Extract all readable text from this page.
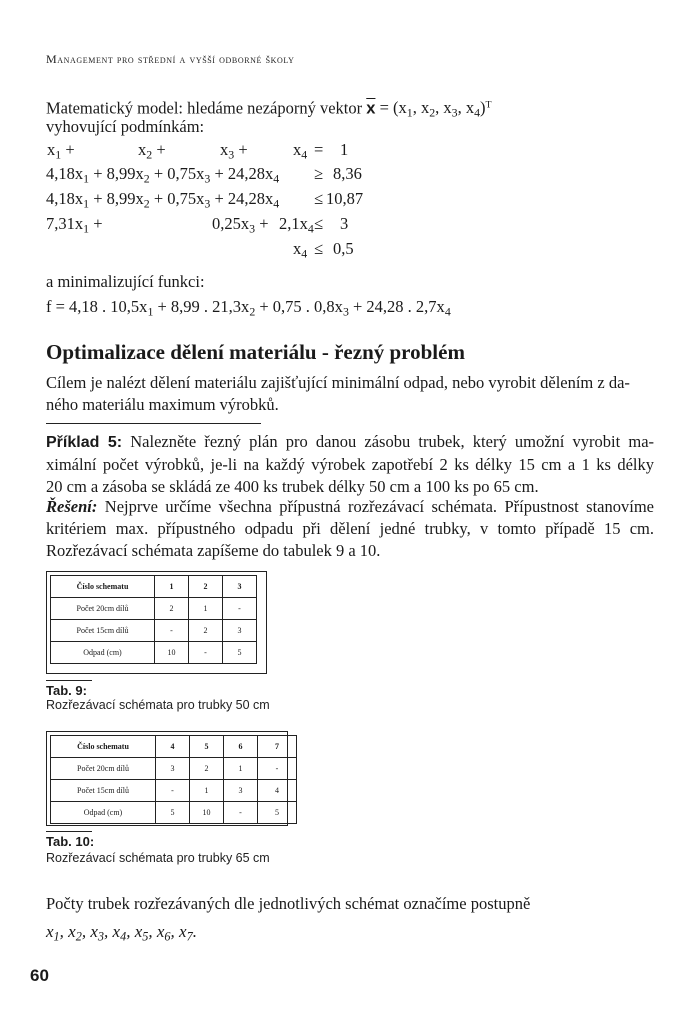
Management pro střední a vyšší odborné školy
Matematický model: hledáme nezáporný vektor $\overline{x} = (x_1$, $x_2$, $x_3$, $x_4)^T$
vyhovující podmínkám:
$x_1$ +	$x_2$ +	$x_3$ +	$x_4 = 1$
$4,18x_1 + 8,99x_2 + 0,75x_3 + 24,28x_4 \ge 8,36$
$4,18x_1 + 8,99x_2 + 0,75x_3 + 24,28x_4 \le 10,87$
$7,31x_1$ +	$0,25x_3 + 2,1x_4 \le 3$
$x_4 \le 0,5$
a minimalizující funkci:
f = 4,18 . $10,5x_1 + 8,99$ . $21,3x_2 + 0,75$ . $0,8x_3 + 24,28$ . $2,7x_4$
Optimalizace dělení materiálu - řezný problém
Cílem je nalézt dělení materiálu zajišťující minimální odpad, nebo vyrobit dělením z da-
ného materiálu maximum výrobků.
Příklad 5: Nalezněte řezný plán pro danou zásobu trubek, který umožní vyrobit ma-
ximální počet výrobků, je-li na každý výrobek zapotřebí 2 ks délky 15 cm a 1 ks délky
20 cm a zásoba se skládá ze 400 ks trubek délky 50 cm a 100 ks po 65 cm.
Řešení: Nejprve určíme všechna přípustná rozřezávací schémata. Přípustnost stanovíme
kritériem max. přípustného odpadu při dělení jedné trubky, v tomto případě 15 cm.
Rozřezávací schémata zapíšeme do tabulek 9 a 10.
Číslo schematu	1	2	3
Počet 20cm dílů	2	1	-
Počet 15cm dílů	-	2	3
Odpad (cm)	10	-	5
Tab. 9:
Rozřezávací schémata pro trubky 50 cm
Číslo schematu	4	5	6	7
Počet 20cm dílů	3	2	1	-
Počet 15cm dílů	-	1	3	4
Odpad (cm)	5	10	-	5
Tab. 10:
Rozřezávací schémata pro trubky 65 cm
Počty trubek rozřezávaných dle jednotlivých schémat označíme postupně
$x_1$, $x_2$, $x_3$, $x_4$, $x_5$, $x_6$, $x_7$.
60
